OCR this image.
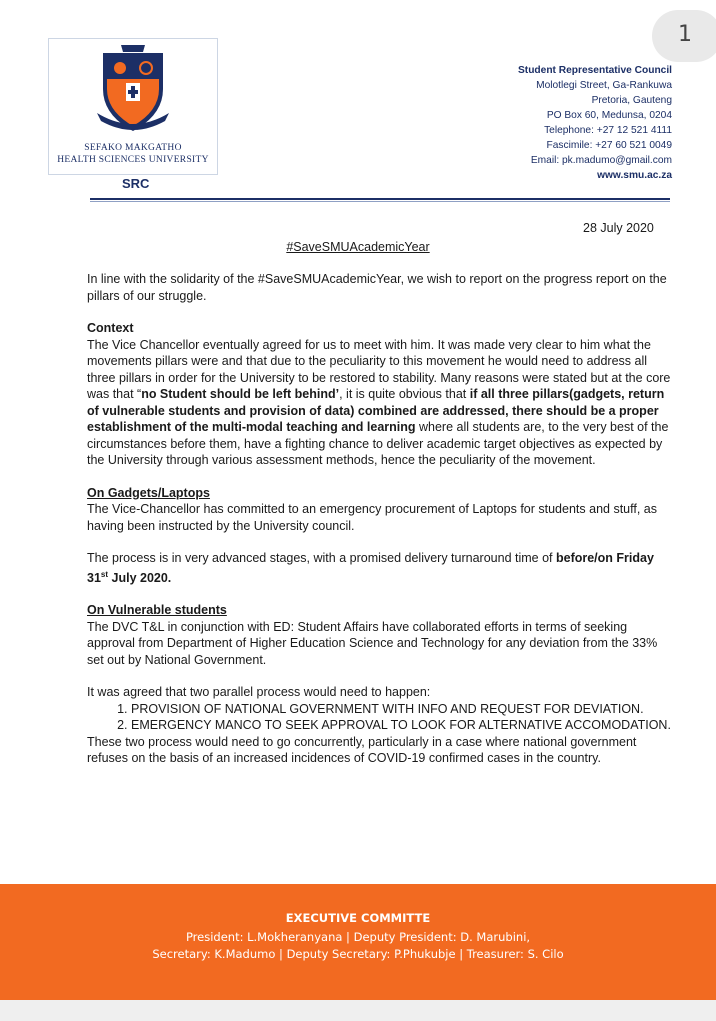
1
SEFAKO MAKGATHO
HEALTH SCIENCES UNIVERSITY
SRC
Student Representative Council
Molotlegi Street, Ga-Rankuwa
Pretoria, Gauteng
PO Box 60, Medunsa, 0204
Telephone: +27 12 521 4111
Fascimile: +27 60 521 0049
Email: pk.madumo@gmail.com
www.smu.ac.za
28 July 2020
#SaveSMUAcademicYear

In line with the solidarity of the #SaveSMUAcademicYear, we wish to report on the progress report on the pillars of our struggle.

Context

The Vice Chancellor eventually agreed for us to meet with him. It was made very clear to him what the movements pillars were and that due to the peculiarity to this movement he would need to address all three pillars in order for the University to be restored to stability. Many reasons were stated but at the core was that “no Student should be left behind’, it is quite obvious that if all three pillars(gadgets, return of vulnerable students and provision of data) combined are addressed, there should be a proper establishment of the multi-modal teaching and learning where all students are, to the very best of the circumstances before them, have a fighting chance to deliver academic target objectives as expected by the University through various assessment methods, hence the peculiarity of the movement.

On Gadgets/Laptops

The Vice-Chancellor has committed to an emergency procurement of Laptops for students and stuff, as having been instructed by the University council.

The process is in very advanced stages, with a promised delivery turnaround time of before/on Friday 31st July 2020.

On Vulnerable students

The DVC T&L in conjunction with ED: Student Affairs have collaborated efforts in terms of seeking approval from Department of Higher Education Science and Technology for any deviation from the 33% set out by National Government.

It was agreed that two parallel process would need to happen:

1. PROVISION OF NATIONAL GOVERNMENT WITH INFO AND REQUEST FOR DEVIATION.
2. EMERGENCY MANCO TO SEEK APPROVAL TO LOOK FOR ALTERNATIVE ACCOMODATION.

These two process would need to go concurrently, particularly in a case where national government refuses on the basis of an increased incidences of COVID-19 confirmed cases in the country.

EXECUTIVE COMMITTE
President: L.Mokheranyana | Deputy President: D. Marubini,
Secretary: K.Madumo | Deputy Secretary: P.Phukubje | Treasurer: S. Cilo
